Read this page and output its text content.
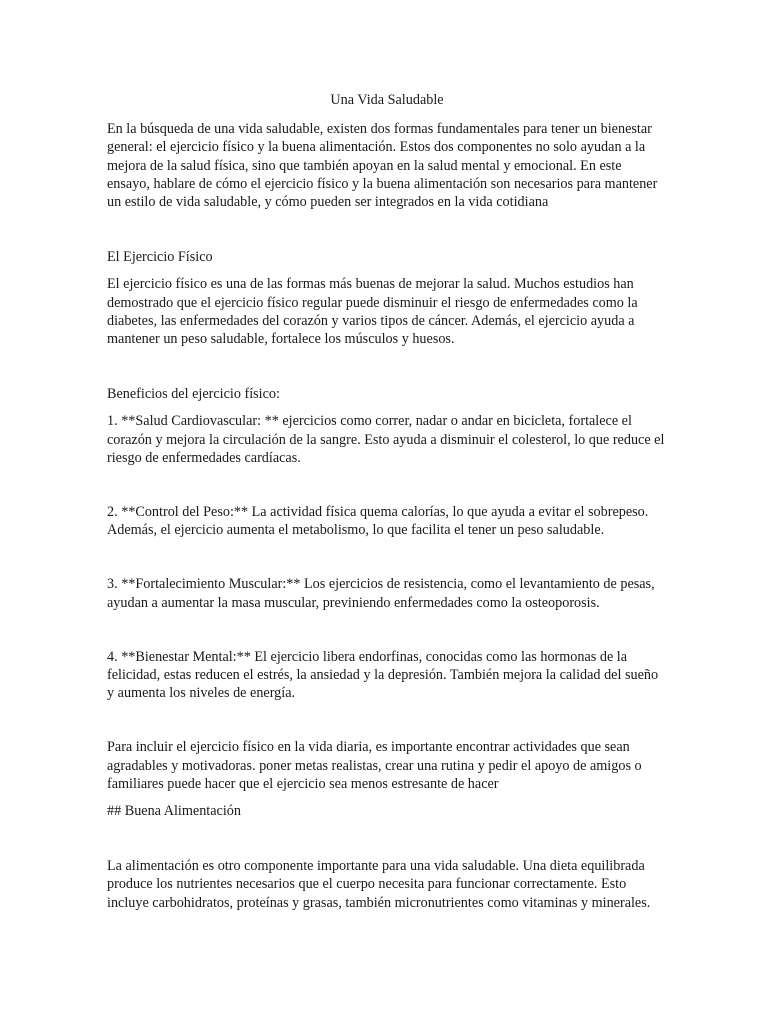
Una Vida Saludable

En la búsqueda de una vida saludable, existen dos formas fundamentales para tener un bienestar general: el ejercicio físico y la buena alimentación. Estos dos componentes no solo ayudan a la mejora de la salud física, sino que también apoyan en la salud mental y emocional. En este ensayo, hablare de cómo el ejercicio físico y la buena alimentación son necesarios para mantener un estilo de vida saludable, y cómo pueden ser integrados en la vida cotidiana

El Ejercicio Físico

El ejercicio físico es una de las formas más buenas de mejorar la salud. Muchos estudios han demostrado que el ejercicio físico regular puede disminuir el riesgo de enfermedades como la diabetes, las enfermedades del corazón y varios tipos de cáncer. Además, el ejercicio ayuda a mantener un peso saludable, fortalece los músculos y huesos.

Beneficios del ejercicio físico:

1. **Salud Cardiovascular: ** ejercicios como correr, nadar o andar en bicicleta, fortalece el corazón y mejora la circulación de la sangre. Esto ayuda a disminuir el colesterol, lo que reduce el riesgo de enfermedades cardíacas.

2. **Control del Peso:** La actividad física quema calorías, lo que ayuda a evitar el sobrepeso. Además, el ejercicio aumenta el metabolismo, lo que facilita el tener un peso saludable.

3. **Fortalecimiento Muscular:** Los ejercicios de resistencia, como el levantamiento de pesas, ayudan a aumentar la masa muscular, previniendo enfermedades como la osteoporosis.

4. **Bienestar Mental:** El ejercicio libera endorfinas, conocidas como las hormonas de la felicidad, estas reducen el estrés, la ansiedad y la depresión. También mejora la calidad del sueño y aumenta los niveles de energía.

Para incluir el ejercicio físico en la vida diaria, es importante encontrar actividades que sean agradables y motivadoras. poner metas realistas, crear una rutina y pedir el apoyo de amigos o familiares puede hacer que el ejercicio sea menos estresante de hacer

## Buena Alimentación

La alimentación es otro componente importante para una vida saludable. Una dieta equilibrada produce los nutrientes necesarios que el cuerpo necesita para funcionar correctamente. Esto incluye carbohidratos, proteínas y grasas, también micronutrientes como vitaminas y minerales.
